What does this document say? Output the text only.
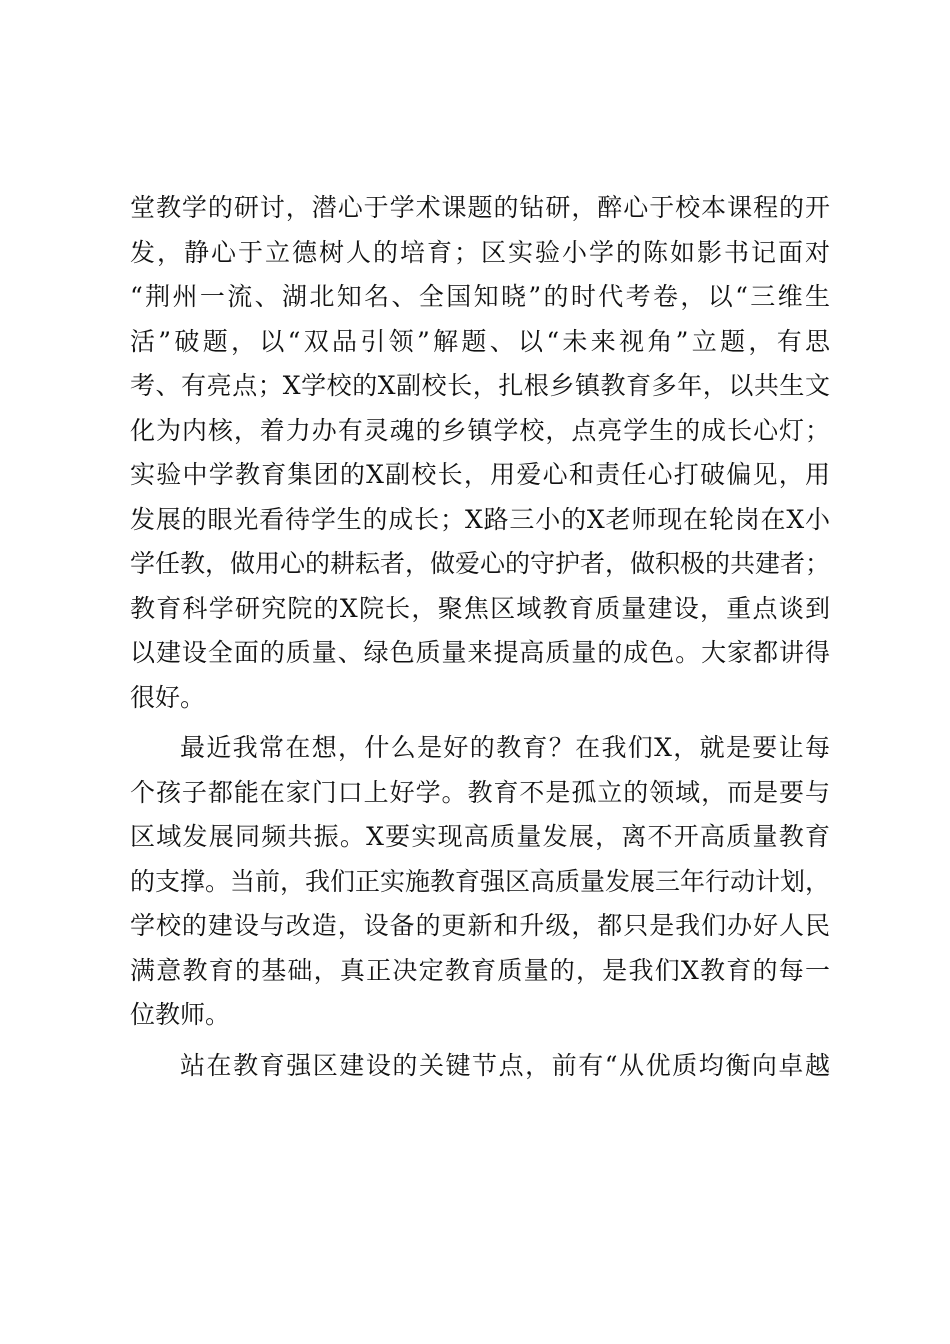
堂教学的研讨，潜心于学术课题的钻研，醉心于校本课程的开
发，静心于立德树人的培育；区实验小学的陈如影书记面对
“荆州一流、湖北知名、全国知晓”的时代考卷，以“三维生
活”破题，以“双品引领”解题、以“未来视角”立题，有思
考、有亮点；X学校的X副校长，扎根乡镇教育多年，以共生文
化为内核，着力办有灵魂的乡镇学校，点亮学生的成长心灯；
实验中学教育集团的X副校长，用爱心和责任心打破偏见，用
发展的眼光看待学生的成长；X路三小的X老师现在轮岗在X小
学任教，做用心的耕耘者，做爱心的守护者，做积极的共建者；
教育科学研究院的X院长，聚焦区域教育质量建设，重点谈到
以建设全面的质量、绿色质量来提高质量的成色。大家都讲得
很好。
最近我常在想，什么是好的教育？在我们X，就是要让每
个孩子都能在家门口上好学。教育不是孤立的领域，而是要与
区域发展同频共振。X要实现高质量发展，离不开高质量教育
的支撑。当前，我们正实施教育强区高质量发展三年行动计划，
学校的建设与改造，设备的更新和升级，都只是我们办好人民
满意教育的基础，真正决定教育质量的，是我们X教育的每一
位教师。
站在教育强区建设的关键节点，前有“从优质均衡向卓越
